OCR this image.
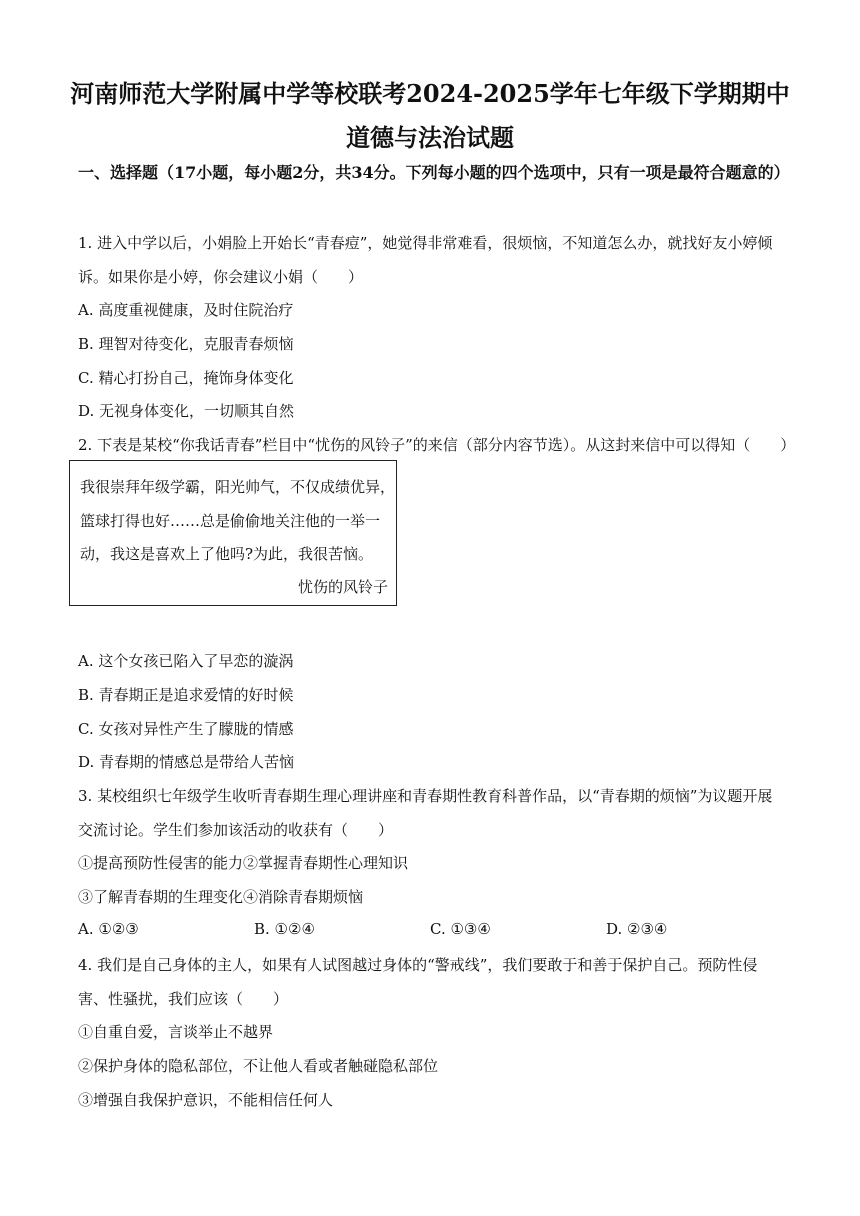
河南师范大学附属中学等校联考2024-2025学年七年级下学期期中
道德与法治试题
一、选择题（17小题，每小题2分，共34分。下列每小题的四个选项中，只有一项是最符合题意的）
1. 进入中学以后，小娟脸上开始长“青春痘”，她觉得非常难看，很烦恼，不知道怎么办，就找好友小婷倾
诉。如果你是小婷，你会建议小娟（　　）
A. 高度重视健康，及时住院治疗
B. 理智对待变化，克服青春烦恼
C. 精心打扮自己，掩饰身体变化
D. 无视身体变化，一切顺其自然
2. 下表是某校“你我话青春”栏目中“忧伤的风铃子”的来信（部分内容节选）。从这封来信中可以得知（　　）
我很崇拜年级学霸，阳光帅气，不仅成绩优异，
篮球打得也好……总是偷偷地关注他的一举一
动，我这是喜欢上了他吗?为此，我很苦恼。
忧伤的风铃子
A. 这个女孩已陷入了早恋的漩涡
B. 青春期正是追求爱情的好时候
C. 女孩对异性产生了朦胧的情感
D. 青春期的情感总是带给人苦恼
3. 某校组织七年级学生收听青春期生理心理讲座和青春期性教育科普作品，以“青春期的烦恼”为议题开展
交流讨论。学生们参加该活动的收获有（　　）
①提高预防性侵害的能力②掌握青春期性心理知识
③了解青春期的生理变化④消除青春期烦恼
A. ①②③	B. ①②④	C. ①③④	D. ②③④
4. 我们是自己身体的主人，如果有人试图越过身体的“警戒线”，我们要敢于和善于保护自己。预防性侵
害、性骚扰，我们应该（　　）
①自重自爱，言谈举止不越界
②保护身体的隐私部位，不让他人看或者触碰隐私部位
③增强自我保护意识，不能相信任何人
